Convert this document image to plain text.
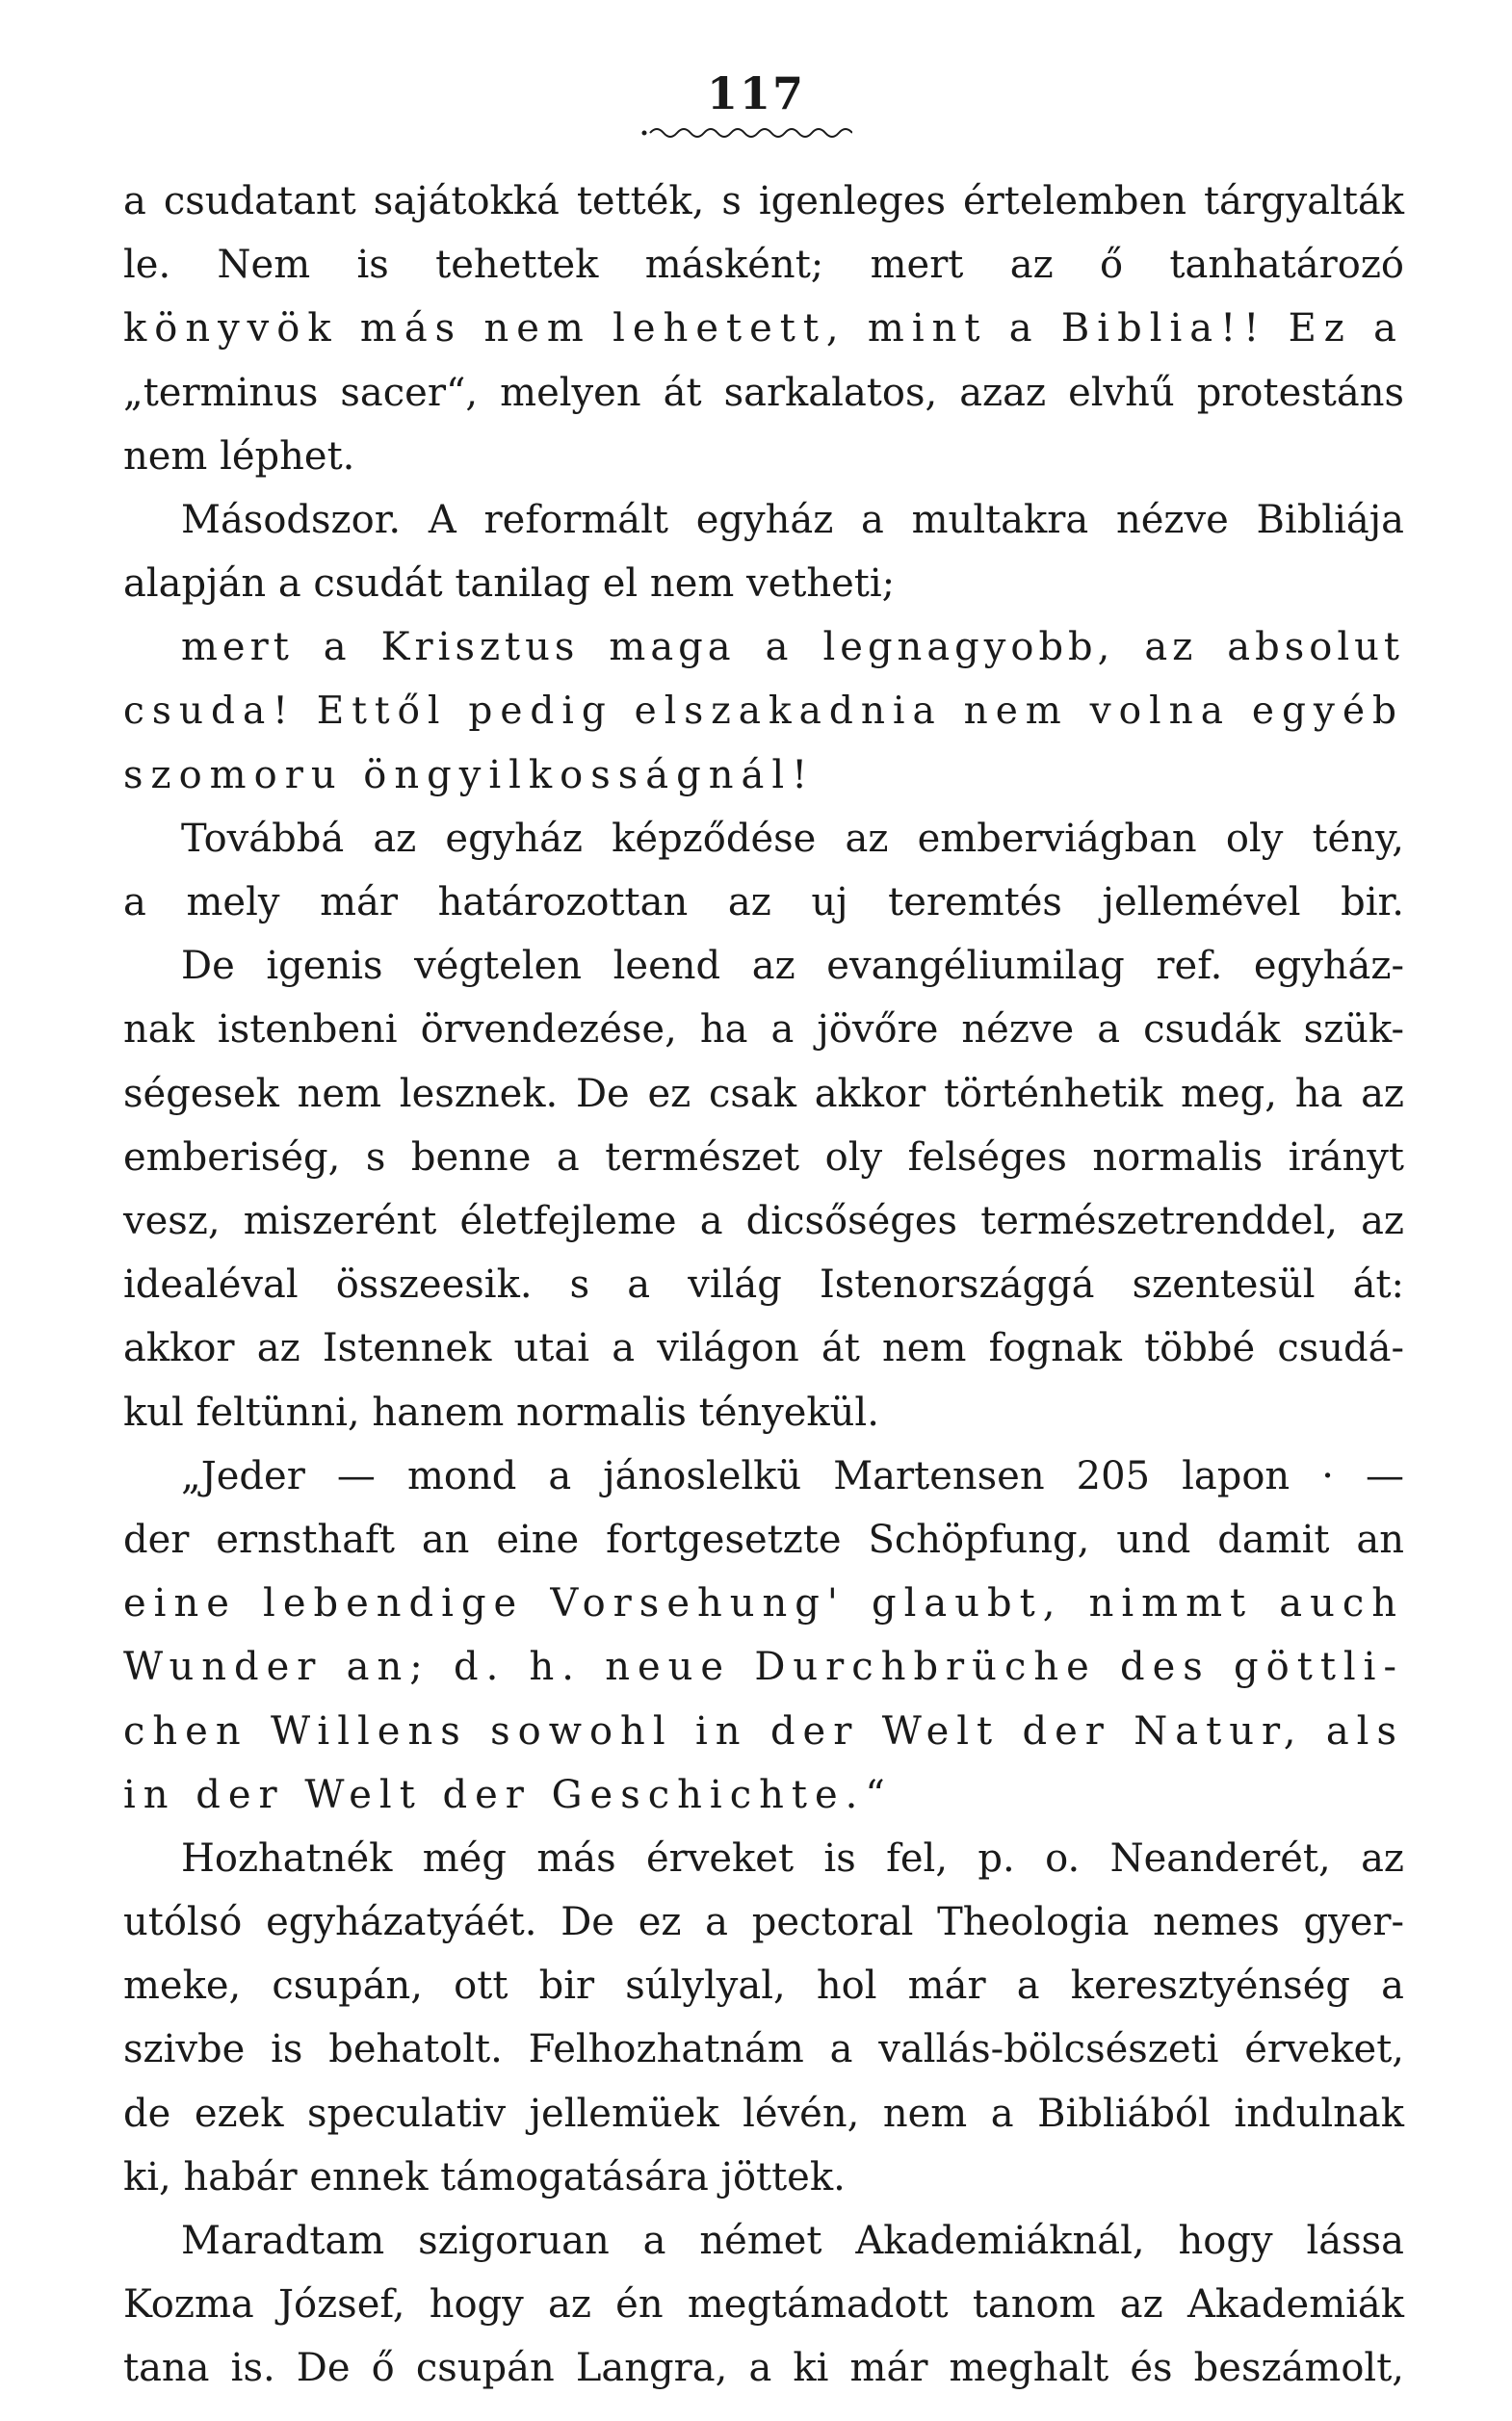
117
a csudatant sajátokká tették, s igenleges értelemben tárgyalták
le. Nem is tehettek másként; mert az ő tanhatározó
könyvök más nem lehetett, mint a Biblia!! Ez a
„terminus sacer“, melyen át sarkalatos, azaz elvhű protestáns
nem léphet.
Másodszor. A reformált egyház a multakra nézve Bibliája
alapján a csudát tanilag el nem vetheti;
mert a Krisztus maga a legnagyobb, az absolut
csuda! Ettől pedig elszakadnia nem volna egyéb
szomoru öngyilkosságnál!
Továbbá az egyház képződése az emberviágban oly tény,
a mely már határozottan az uj teremtés jellemével bir.
De igenis végtelen leend az evangéliumilag ref. egyház-
nak istenbeni örvendezése, ha a jövőre nézve a csudák szük-
ségesek nem lesznek. De ez csak akkor történhetik meg, ha az
emberiség, s benne a természet oly felséges normalis irányt
vesz, miszerént életfejleme a dicsőséges természetrenddel, az
idealéval összeesik. s a világ Istenországgá szentesül át:
akkor az Istennek utai a világon át nem fognak többé csudá-
kul feltünni, hanem normalis tényekül.
„Jeder — mond a jánoslelkü Martensen 205 lapon · —
der ernsthaft an eine fortgesetzte Schöpfung, und damit an
eine lebendige Vorsehung' glaubt, nimmt auch
Wunder an; d. h. neue Durchbrüche des göttli-
chen Willens sowohl in der Welt der Natur, als
in der Welt der Geschichte.“
Hozhatnék még más érveket is fel, p. o. Neanderét, az
utólsó egyházatyáét. De ez a pectoral Theologia nemes gyer-
meke, csupán, ott bir súlylyal, hol már a keresztyénség a
szivbe is behatolt. Felhozhatnám a vallás-bölcsészeti érveket,
de ezek speculativ jellemüek lévén, nem a Bibliából indulnak
ki, habár ennek támogatására jöttek.
Maradtam szigoruan a német Akademiáknál, hogy lássa
Kozma József, hogy az én megtámadott tanom az Akademiák
tana is. De ő csupán Langra, a ki már meghalt és beszámolt,
